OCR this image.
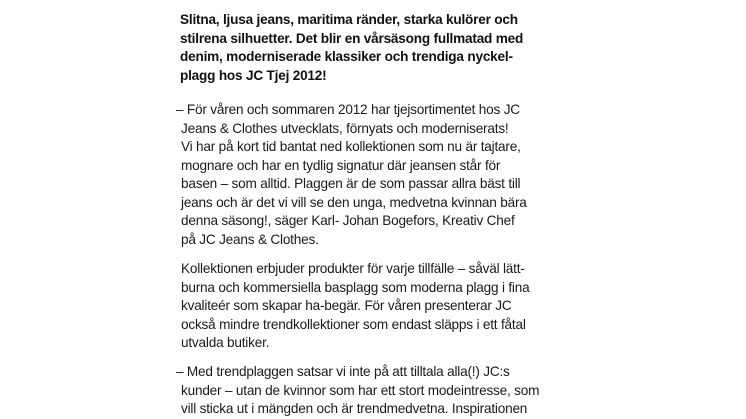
Slitna, ljusa jeans, maritima ränder, starka kulörer och
stilrena silhuetter. Det blir en vårsäsong fullmatad med
denim, moderniserade klassiker och trendiga nyckel-
plagg hos JC Tjej 2012!
– För våren och sommaren 2012 har tjejsortimentet hos JC
Jeans & Clothes utvecklats, förnyats och moderniserats!
Vi har på kort tid bantat ned kollektionen som nu är tajtare,
mognare och har en tydlig signatur där jeansen står för
basen – som alltid. Plaggen är de som passar allra bäst till
jeans och är det vi vill se den unga, medvetna kvinnan bära
denna säsong!, säger Karl- Johan Bogefors, Kreativ Chef
på JC Jeans & Clothes.
Kollektionen erbjuder produkter för varje tillfälle – såväl lätt-
burna och kommersiella basplagg som moderna plagg i fina
kvaliteér som skapar ha-begär. För våren presenterar JC
också mindre trendkollektioner som endast släpps i ett fåtal
utvalda butiker.
– Med trendplaggen satsar vi inte på att tilltala alla(!) JC:s
kunder – utan de kvinnor som har ett stort modeintresse, som
vill sticka ut i mängden och är trendmedvetna. Inspirationen
